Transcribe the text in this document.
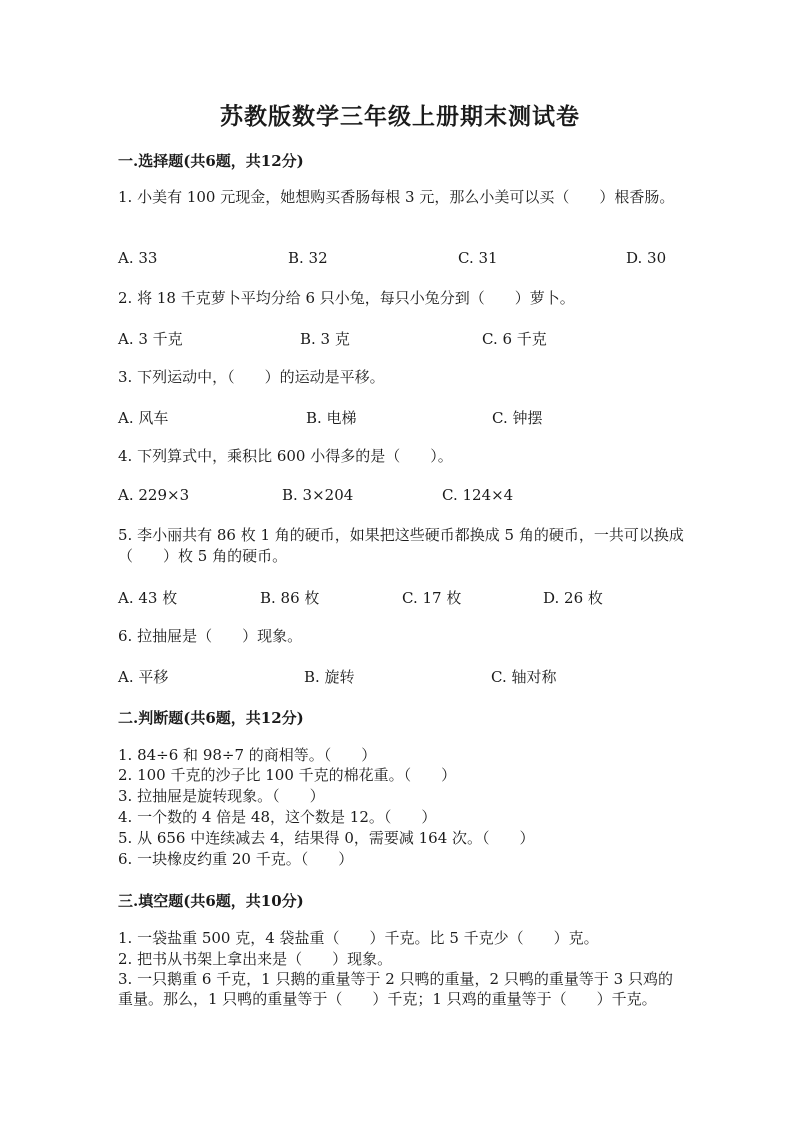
苏教版数学三年级上册期末测试卷
一.选择题(共6题，共12分)
1. 小美有 100 元现金，她想购买香肠每根 3 元，那么小美可以买（　　）根香肠。
A. 33	B. 32	C. 31	D. 30
2. 将 18 千克萝卜平均分给 6 只小兔，每只小兔分到（　　）萝卜。
A. 3 千克	B. 3 克	C. 6 千克
3. 下列运动中，（　　）的运动是平移。
A. 风车	B. 电梯	C. 钟摆
4. 下列算式中，乘积比 600 小得多的是（　　）。
A. 229×3	B. 3×204	C. 124×4
5. 李小丽共有 86 枚 1 角的硬币，如果把这些硬币都换成 5 角的硬币，一共可以换成（　　）枚 5 角的硬币。
A. 43 枚	B. 86 枚	C. 17 枚	D. 26 枚
6. 拉抽屉是（　　）现象。
A. 平移	B. 旋转	C. 轴对称
二.判断题(共6题，共12分)
1. 84÷6 和 98÷7 的商相等。（　　）
2. 100 千克的沙子比 100 千克的棉花重。（　　）
3. 拉抽屉是旋转现象。（　　）
4. 一个数的 4 倍是 48，这个数是 12。（　　）
5. 从 656 中连续减去 4，结果得 0，需要减 164 次。（　　）
6. 一块橡皮约重 20 千克。（　　）
三.填空题(共6题，共10分)
1. 一袋盐重 500 克，4 袋盐重（　　）千克。比 5 千克少（　　）克。
2. 把书从书架上拿出来是（　　）现象。
3. 一只鹅重 6 千克，1 只鹅的重量等于 2 只鸭的重量，2 只鸭的重量等于 3 只鸡的重量。那么，1 只鸭的重量等于（　　）千克；1 只鸡的重量等于（　　）千克。
